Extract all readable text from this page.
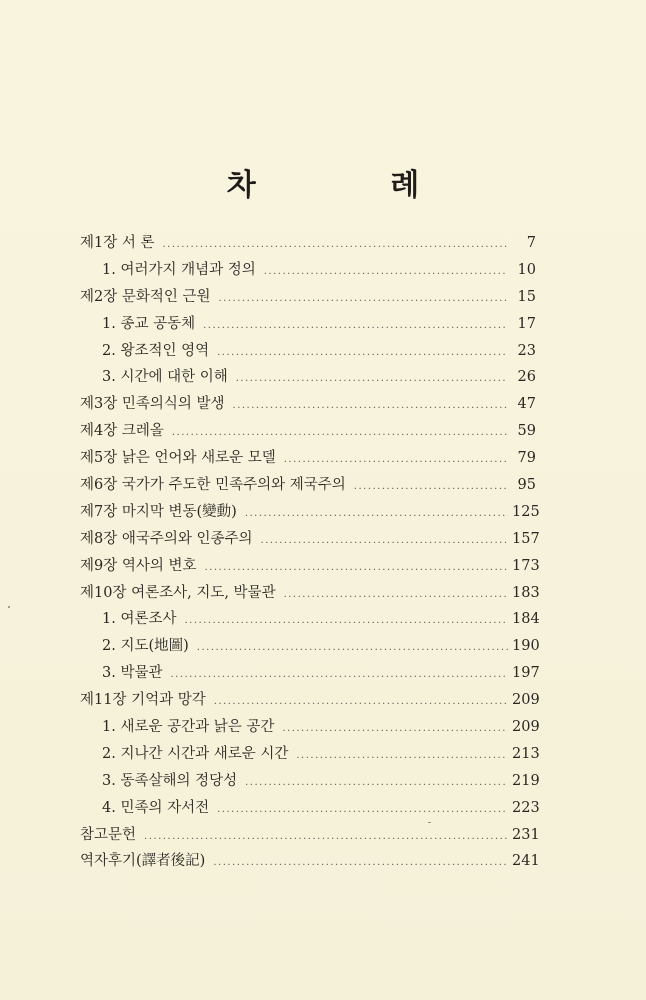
차 례
제1장 서 론 .....	7
1. 여러가지 개념과 정의 .....	10
제2장 문화적인 근원 .....	15
1. 종교 공동체 .....	17
2. 왕조적인 영역 .....	23
3. 시간에 대한 이해 .....	26
제3장 민족의식의 발생 .....	47
제4장 크레올 .....	59
제5장 낡은 언어와 새로운 모델 .....	79
제6장 국가가 주도한 민족주의와 제국주의 .....	95
제7장 마지막 변동(變動) .....	125
제8장 애국주의와 인종주의 .....	157
제9장 역사의 변호 .....	173
제10장 여론조사, 지도, 박물관 .....	183
1. 여론조사 .....	184
2. 지도(地圖) .....	190
3. 박물관 .....	197
제11장 기억과 망각 .....	209
1. 새로운 공간과 낡은 공간 .....	209
2. 지나간 시간과 새로운 시간 .....	213
3. 동족살해의 정당성 .....	219
4. 민족의 자서전 .....	223
참고문헌 .....	231
역자후기(譯者後記) .....	241
